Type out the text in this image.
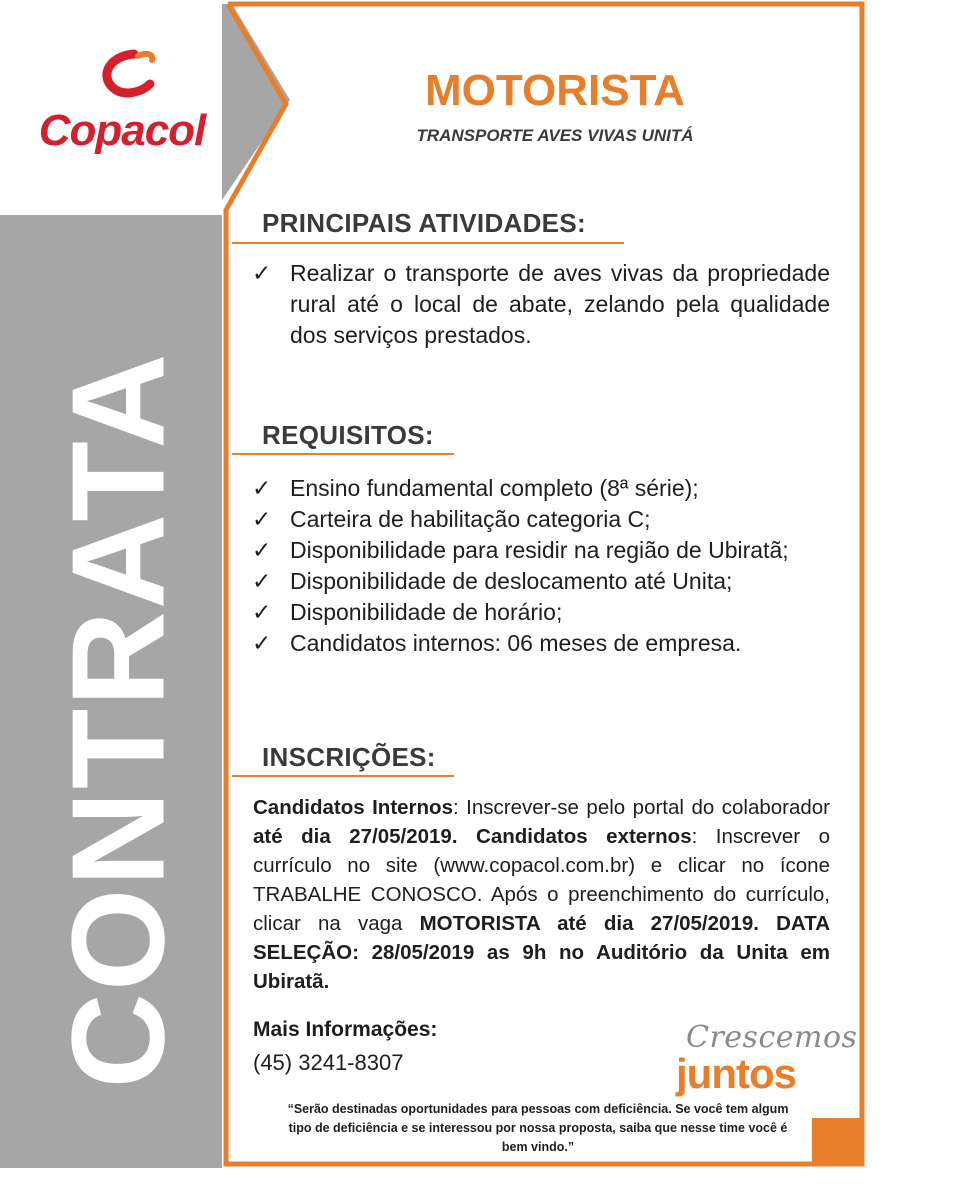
Copacol
CONTRATA
MOTORISTA
TRANSPORTE AVES VIVAS UNITÁ
PRINCIPAIS ATIVIDADES:
✓ Realizar o transporte de aves vivas da propriedade rural até o local de abate, zelando pela qualidade dos serviços prestados.
REQUISITOS:
✓ Ensino fundamental completo (8ª série);
✓ Carteira de habilitação categoria C;
✓ Disponibilidade para residir na região de Ubiratã;
✓ Disponibilidade de deslocamento até Unita;
✓ Disponibilidade de horário;
✓ Candidatos internos: 06 meses de empresa.
INSCRIÇÕES:
Candidatos Internos: Inscrever-se pelo portal do colaborador até dia 27/05/2019. Candidatos externos: Inscrever o currículo no site (www.copacol.com.br) e clicar no ícone TRABALHE CONOSCO. Após o preenchimento do currículo, clicar na vaga MOTORISTA até dia 27/05/2019. DATA SELEÇÃO: 28/05/2019 as 9h no Auditório da Unita em Ubiratã.
Mais Informações:
(45) 3241-8307
Crescemos
juntos
“Serão destinadas oportunidades para pessoas com deficiência. Se você tem algum tipo de deficiência e se interessou por nossa proposta, saiba que nesse time você é bem vindo.”
